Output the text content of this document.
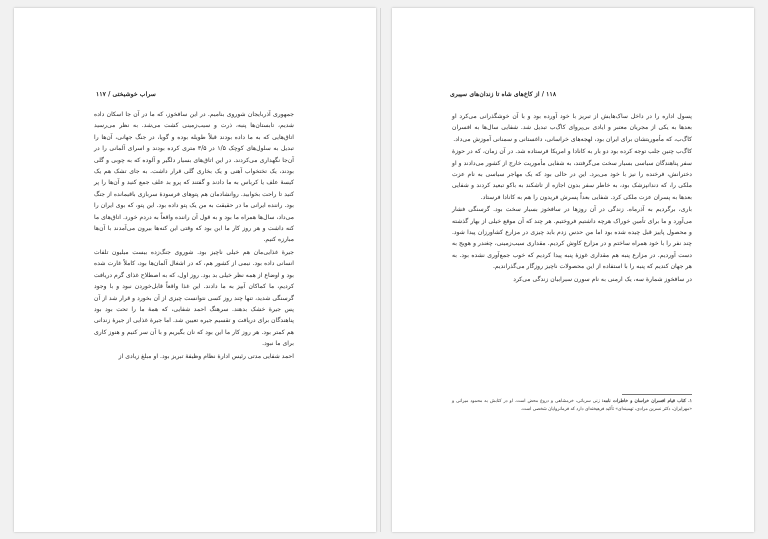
سراب خوشبختی / ۱۱۷

جمهوری آذربایجان شوروی بنامیم. در این سافخوز، که ما در آن جا اسکان داده شدیم، تابستان‌ها پنبه، ذرت و سیب‌زمینی کشت می‌شد. به نظر می‌رسید اتاق‌هایی که به ما داده بودند قبلاً طویله بوده و گویا، در جنگ جهانی، آن‌ها را تبدیل به سلول‌های کوچک ۱/۵ در ۳/۵ متری کرده بودند و اسرای آلمانی را در آن‌جا نگهداری می‌کردند. در این اتاق‌های بسیار دلگیر و آلوده که به چوبی و گلی بودند، یک تختخواب آهنی و یک بخاری گلی قرار داشت. به جای تشک هم یک کیسهٔ علف یا کرباس به ما دادند و گفتند که پرو بد علف جمع کنید و آن‌ها را پر کنید تا راحت بخوابید. روانشادمان هم پتوهای فرسودهٔ سربازی باقیمانده از جنگ بود. راننده ایرانی ما در حقیقت به من یک پتو داده بود. این پتو، که بوی ایران را می‌داد، سال‌ها همراه ما بود و به قول آن راننده واقعاً به دردم خورد. اتاق‌های ما کنه داشت و هر روز کار ما این بود که وقتی این کنه‌ها بیرون می‌آمدند با آن‌ها مبارزه کنیم.

جیرهٔ غذایی‌مان هم خیلی ناچیز بود. شوروی جنگ‌زده بیست میلیون تلفات انسانی داده بود. نیمی از کشور هم، که در اشغال آلمان‌ها بود، کاملاً غارت شده بود و اوضاع از همه نظر خیلی بد بود. روز اول، که به اصطلاح غذای گرم دریافت کردیم، ما کماکان آبپز به ما دادند. این غذا واقعاً قابل‌خوردن نبود و با وجود گرسنگی شدید، تنها چند روز کسی نتوانست چیزی از آن بخورد و قرار شد از آن پس جیرهٔ خشک بدهند. سرهنگ احمد شفایی، که همهٔ ما را تحت بود بود پناهندگان برای دریافت و تقسیم جیره تعیین شد. اما جیرهٔ غذایی از جیرهٔ زندانی هم کمتر بود. هر روز کار ما این بود که نان بگیریم و با آن سر کنیم و هنوز کاری برای ما نبود.

احمد شفایی مدتی رئیس ادارهٔ نظام وظیفهٔ تبریز بود. او مبلغ زیادی از

۱۱۸ / از کاخ‌های شاه تا زندان‌های سیبری

پسول اداره را در داخل ساک‌هایش از تبریز با خود آورده بود و با آن خوشگذرانی می‌کرد او بعدها به یکی از مجریان معتبر و ایادی بی‌پروای کاگ‌ب تبدیل شد. شفایی سال‌ها به افسران کاگ‌ب، که مأموریتشان برای ایران بود، لهجه‌های خراسانی، داغستانی و سمنانی آموزش می‌داد.

کاگ‌ب چنین جلب توجه کرده بود دو بار به کانادا و امریکا فرستاده شد. در آن زمان، که در حوزهٔ سفر پناهندگان سیاسی بسیار سخت می‌گرفتند، به شفایی مأموریت خارج از کشور می‌دادند و او دخترانش، فرخنده را نیز با خود می‌برد. این در حالی بود که یک مهاجر سیاسی به نام عزت ملکی را، که دندانپزشک بود، به خاطر سفر بدون اجازه از تاشکند به باکو تبعید کردند و شفایی بعدها به پسران عزت ملکی کرد. شفایی بعداً پسرش فریدون را هم به کانادا فرستاد.

باری، برگردیم به آذرماه. زندگی در آن روزها در سافخوز بسیار سخت بود. گرسنگی فشار می‌آورد و ما برای تأمین خوراک هرچه داشتیم فروختیم. هر چند که آن موقع خیلی از بهار گذشته و محصول پاییز قبل چیده شده بود اما من حدس زدم باید چیزی در مزارع کشاورزان پیدا شود. چند نفر را با خود همراه ساختم و در مزارع کاوش کردیم. مقداری سیب‌زمینی، چغندر و هویج به دست آوردیم. در مزارع پنبه هم مقداری غوزهٔ پنبه پیدا کردیم که خوب جمع‌آوری نشده بود. به هر جهان کندیم که پنبه را با استفاده از این محصولات ناچیز روزگار می‌گذراندیم.

در سافخوز شمارهٔ سه، یک ارمنی به نام سورن سیرابیان زندگی می‌کرد

۱. کتاب قیام افسران خراسان و خاطرات نامه: زنی سرباتی، خرمشاهی و دروغ محض است. او در کتابش به محمود میرانی و «مهرایران، دکتر نسرین مرادی، تهمینه‌ای» تأکید فرهیخته‌ای دارد که فرمانروایان شخصی است.
